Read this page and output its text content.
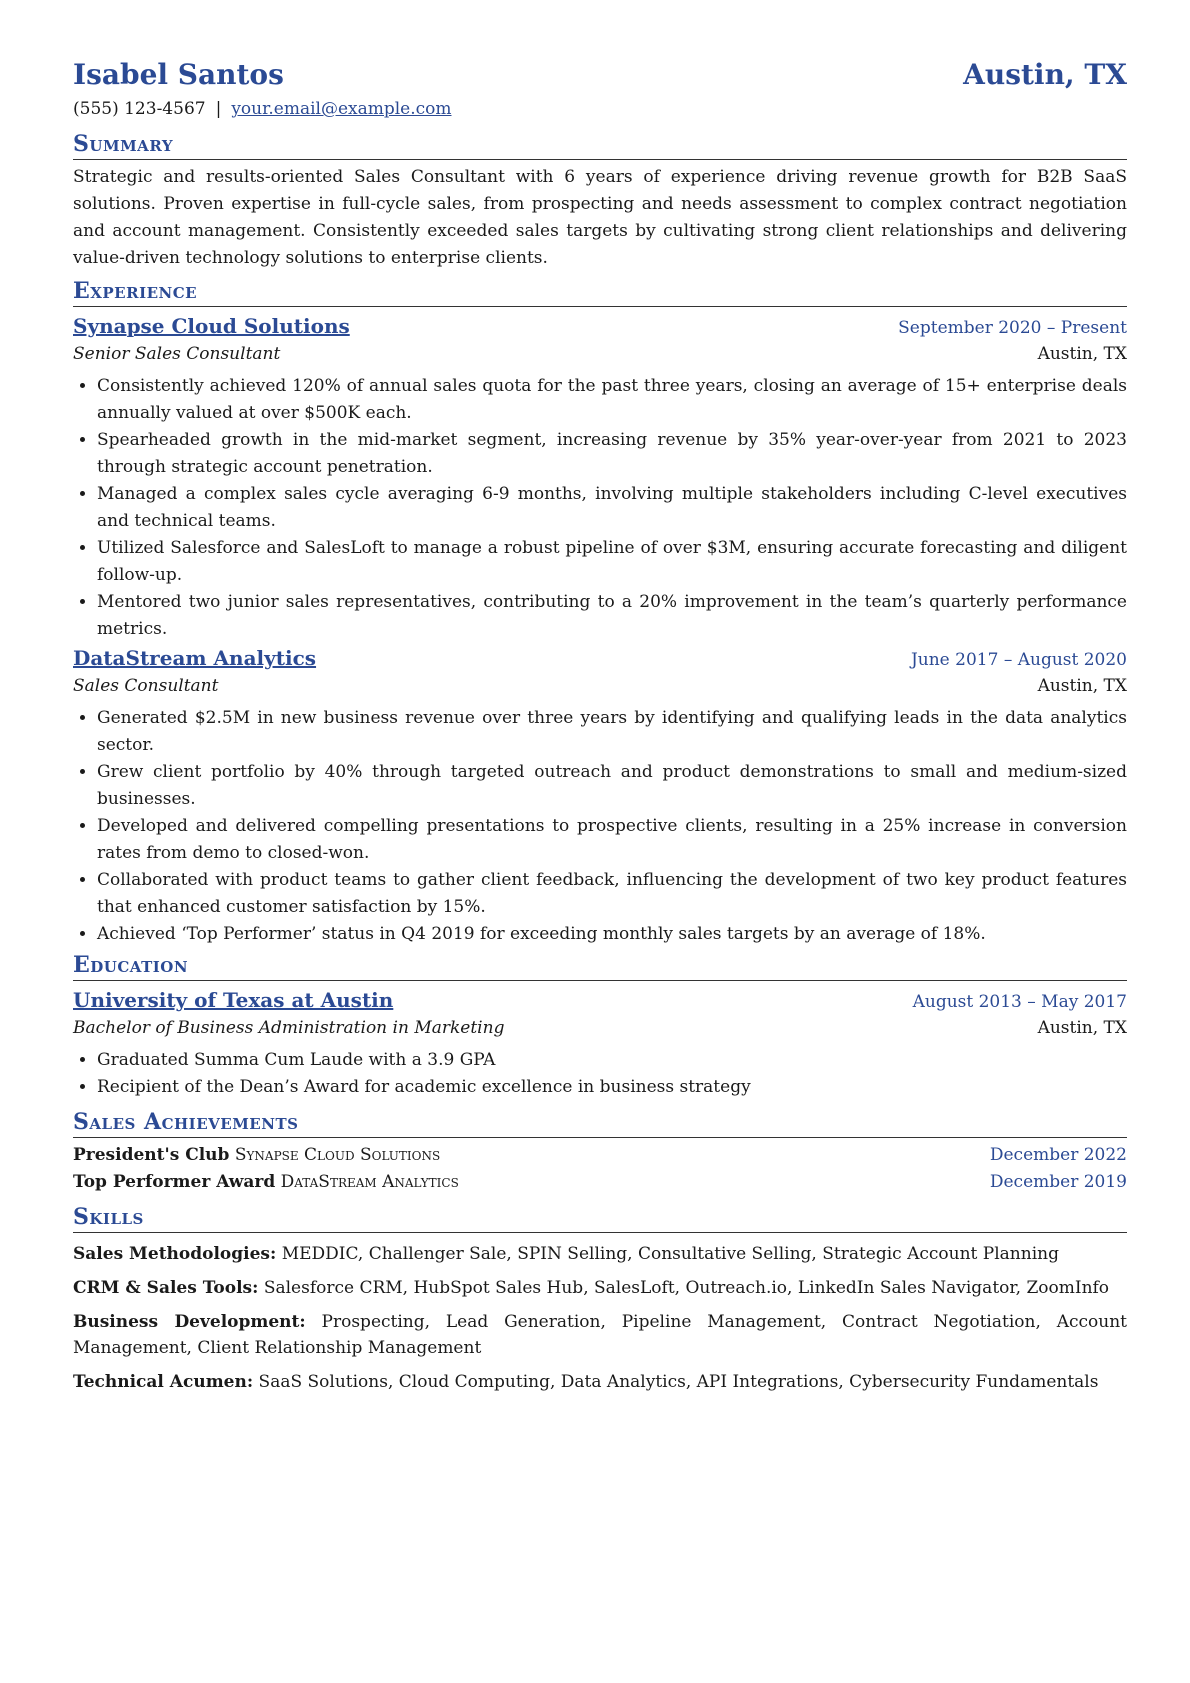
Isabel Santos	Austin, TX
(555) 123-4567 | your.email@example.com
Summary
Strategic and results-oriented Sales Consultant with 6 years of experience driving revenue growth for B2B SaaS solutions. Proven expertise in full-cycle sales, from prospecting and needs assessment to complex contract negotiation and account management. Consistently exceeded sales targets by cultivating strong client relationships and delivering value-driven technology solutions to enterprise clients.
Experience
Synapse Cloud Solutions	September 2020 – Present
Senior Sales Consultant	Austin, TX
• Consistently achieved 120% of annual sales quota for the past three years, closing an average of 15+ enterprise deals annually valued at over $500K each.
• Spearheaded growth in the mid-market segment, increasing revenue by 35% year-over-year from 2021 to 2023 through strategic account penetration.
• Managed a complex sales cycle averaging 6-9 months, involving multiple stakeholders including C-level executives and technical teams.
• Utilized Salesforce and SalesLoft to manage a robust pipeline of over $3M, ensuring accurate forecasting and diligent follow-up.
• Mentored two junior sales representatives, contributing to a 20% improvement in the team’s quarterly performance metrics.
DataStream Analytics	June 2017 – August 2020
Sales Consultant	Austin, TX
• Generated $2.5M in new business revenue over three years by identifying and qualifying leads in the data analytics sector.
• Grew client portfolio by 40% through targeted outreach and product demonstrations to small and medium-sized businesses.
• Developed and delivered compelling presentations to prospective clients, resulting in a 25% increase in conversion rates from demo to closed-won.
• Collaborated with product teams to gather client feedback, influencing the development of two key product features that enhanced customer satisfaction by 15%.
• Achieved ‘Top Performer’ status in Q4 2019 for exceeding monthly sales targets by an average of 18%.
Education
University of Texas at Austin	August 2013 – May 2017
Bachelor of Business Administration in Marketing	Austin, TX
• Graduated Summa Cum Laude with a 3.9 GPA
• Recipient of the Dean’s Award for academic excellence in business strategy
Sales Achievements
President's Club Synapse Cloud Solutions	December 2022
Top Performer Award DataStream Analytics	December 2019
Skills
Sales Methodologies: MEDDIC, Challenger Sale, SPIN Selling, Consultative Selling, Strategic Account Planning
CRM & Sales Tools: Salesforce CRM, HubSpot Sales Hub, SalesLoft, Outreach.io, LinkedIn Sales Navigator, ZoomInfo
Business Development: Prospecting, Lead Generation, Pipeline Management, Contract Negotiation, Account Management, Client Relationship Management
Technical Acumen: SaaS Solutions, Cloud Computing, Data Analytics, API Integrations, Cybersecurity Fundamentals
